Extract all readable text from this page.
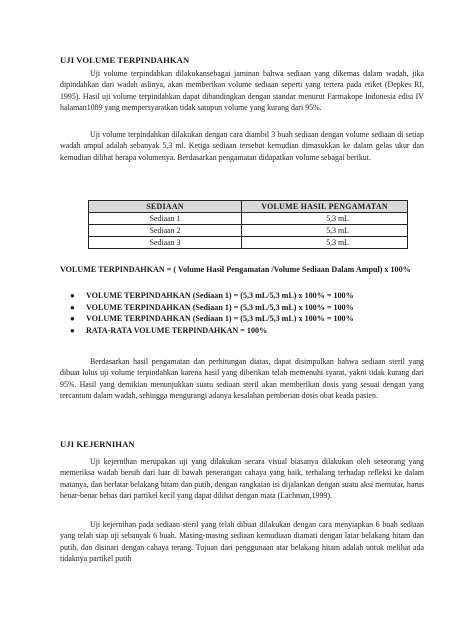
UJI VOLUME TERPINDAHKAN
Uji volume terpindahkan dilakukansebagai jaminan bahwa sediaan yang dikemas dalam wadah, jika dipindahkan dari wadah aslinya, akan memberikan volume sediaan seperti yang tertera pada etiket (Depkes RI, 1995). Hasil uji volume terpindahkan dapat dibandingkan dengan standar menurut Farmakope Indonesia edisi IV halaman1089 yang mempersyaratkan tidak satupun volume yang kurang dari 95%.
Uji volume terpindahkan dilakukan dengan cara diambil 3 buah sediaan dengan volume sediaan di setiap wadah ampul adalah sebanyak 5,3 ml. Ketiga sediaan tersebut kemudian dimasukkan ke dalam gelas ukur dan kemudian dilihat berapa volumenya. Berdasarkan pengamatan didapatkan volume sebagai berikut.
SEDIAAN	VOLUME HASIL PENGAMATAN
Sediaan 1	5,3 mL
Sediaan 2	5,3 mL
Sediaan 3	5,3 mL
VOLUME TERPINDAHKAN = ( Volume Hasil Pengamatan /Volume Sediaan Dalam Ampul) x 100%
● VOLUME TERPINDAHKAN (Sediaan 1) = (5,3 mL/5,3 mL) x 100% = 100%
● VOLUME TERPINDAHKAN (Sediaan 1) = (5,3 mL/5,3 mL) x 100% = 100%
● VOLUME TERPINDAHKAN (Sediaan 1) = (5,3 mL/5,3 mL) x 100% = 100%
● RATA-RATA VOLUME TERPINDAHKAN = 100%
Berdasarkan hasil pengamatan dan perhitungan diatas, dapat disimpulkan bahwa sediaan steril yang dibuat lulus uji volume terpindahkan karena hasil yang diberikan telah memenuhi syarat, yakni tidak kurang dari 95%. Hasil yang demikian menunjukkan suatu sediaan steril akan memberikan dosis yang sesuai dengan yang tercantum dalam wadah, sehingga mengurangi adanya kesalahan pemberian dosis obat keada pasien.
UJI KEJERNIHAN
Uji kejernihan merupakan uji yang dilakukan secara visual biasanya dilakukan oleh seseorang yang memeriksa wadah bersih dari luar di bawah penerangan cahaya yang baik, terhalang terhadap refleksi ke dalam matanya, dan berlatar belakang hitam dan putih, dengan rangkaian isi dijalankan dengan suatu aksi memutar, harus benar-benar bebas dari partikel kecil yang dapat dilihat dengan mata (Lachman,1999).
Uji kejernihan pada sediaan steril yang telah dibuat dilakukan dengan cara menyiapkan 6 buah sediaan yang telah siap uji sebanyak 6 buah. Masing-masing sediaan kemudiaan diamati dengan latar belakang hitam dan putih, dan disinari dengan cahaya terang. Tujuan dari penggunaan atar belakang hitam adalah untuk melihat ada tidaknya partikel putih
